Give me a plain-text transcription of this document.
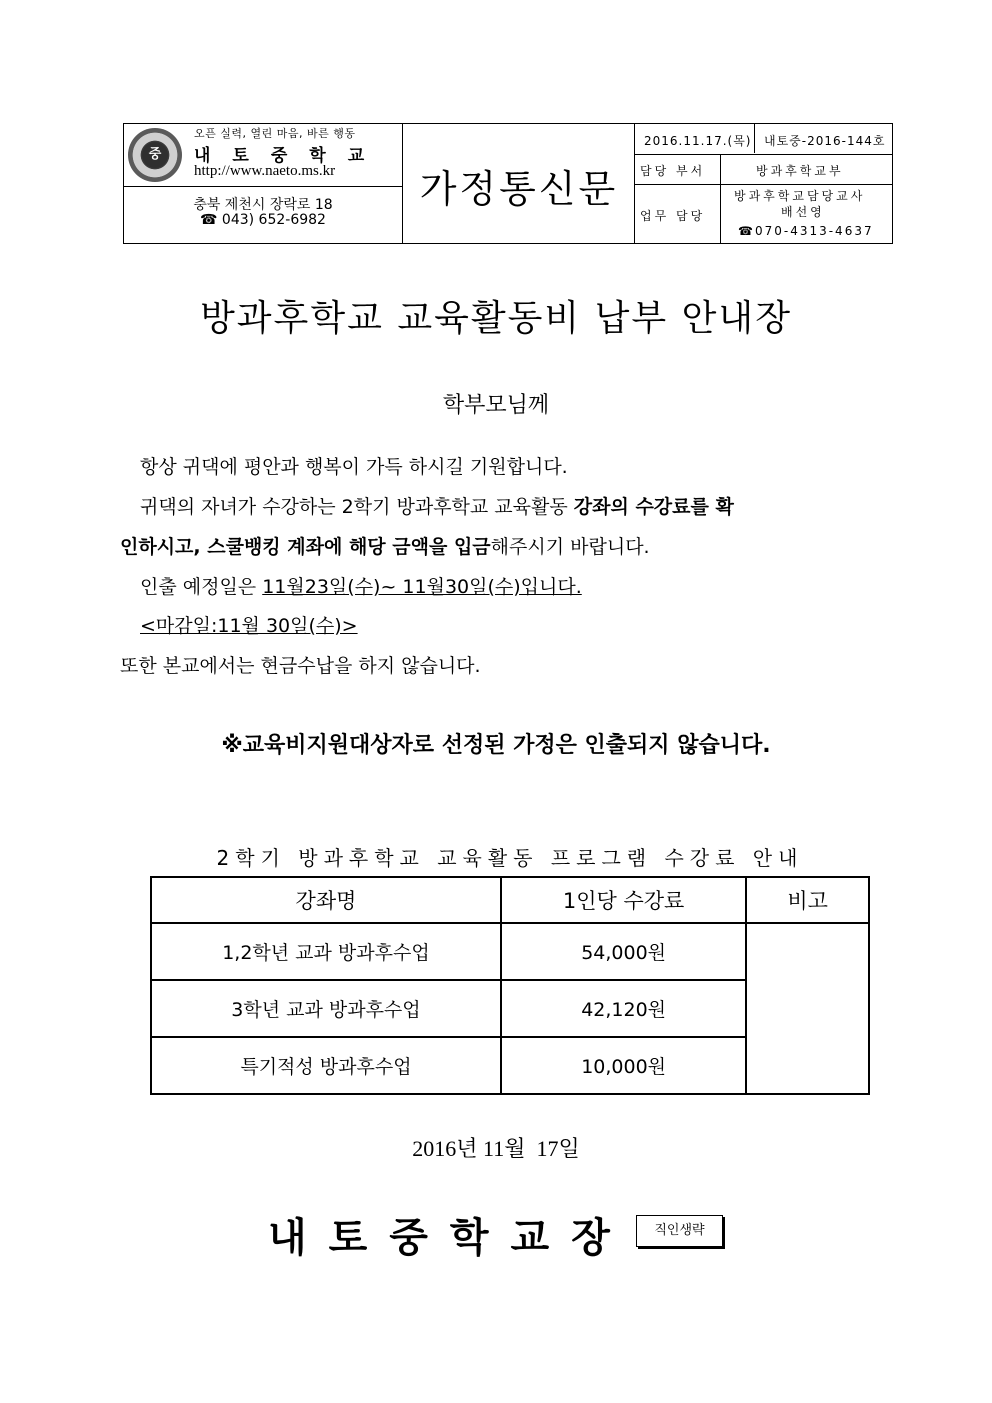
중
오픈 실력, 열린 마음, 바른 행동
내토중학교
http://www.naeto.ms.kr
충북 제천시 장락로 18
☎ 043) 652-6982
가정통신문
2016.11.17.(목) 내토중-2016-144호
담당 부서	방과후학교부
업무 담당
방과후학교담당교사
배선영
☎070-4313-4637
방과후학교 교육활동비 납부 안내장
학부모님께
항상 귀댁에 평안과 행복이 가득 하시길 기원합니다.
귀댁의 자녀가 수강하는 2학기 방과후학교 교육활동 강좌의 수강료를 확
인하시고, 스쿨뱅킹 계좌에 해당 금액을 입금해주시기 바랍니다.
인출 예정일은 11월23일(수)~ 11월30일(수)입니다.
<마감일:11월 30일(수)>
또한 본교에서는 현금수납을 하지 않습니다.
※교육비지원대상자로 선정된 가정은 인출되지 않습니다.
2학기 방과후학교 교육활동 프로그램 수강료 안내
강좌명	1인당 수강료	비고
1,2학년 교과 방과후수업	54,000원	
3학년 교과 방과후수업	42,120원	
특기적성 방과후수업	10,000원	
2016년 11월  17일
내토중학교장	직인생략
